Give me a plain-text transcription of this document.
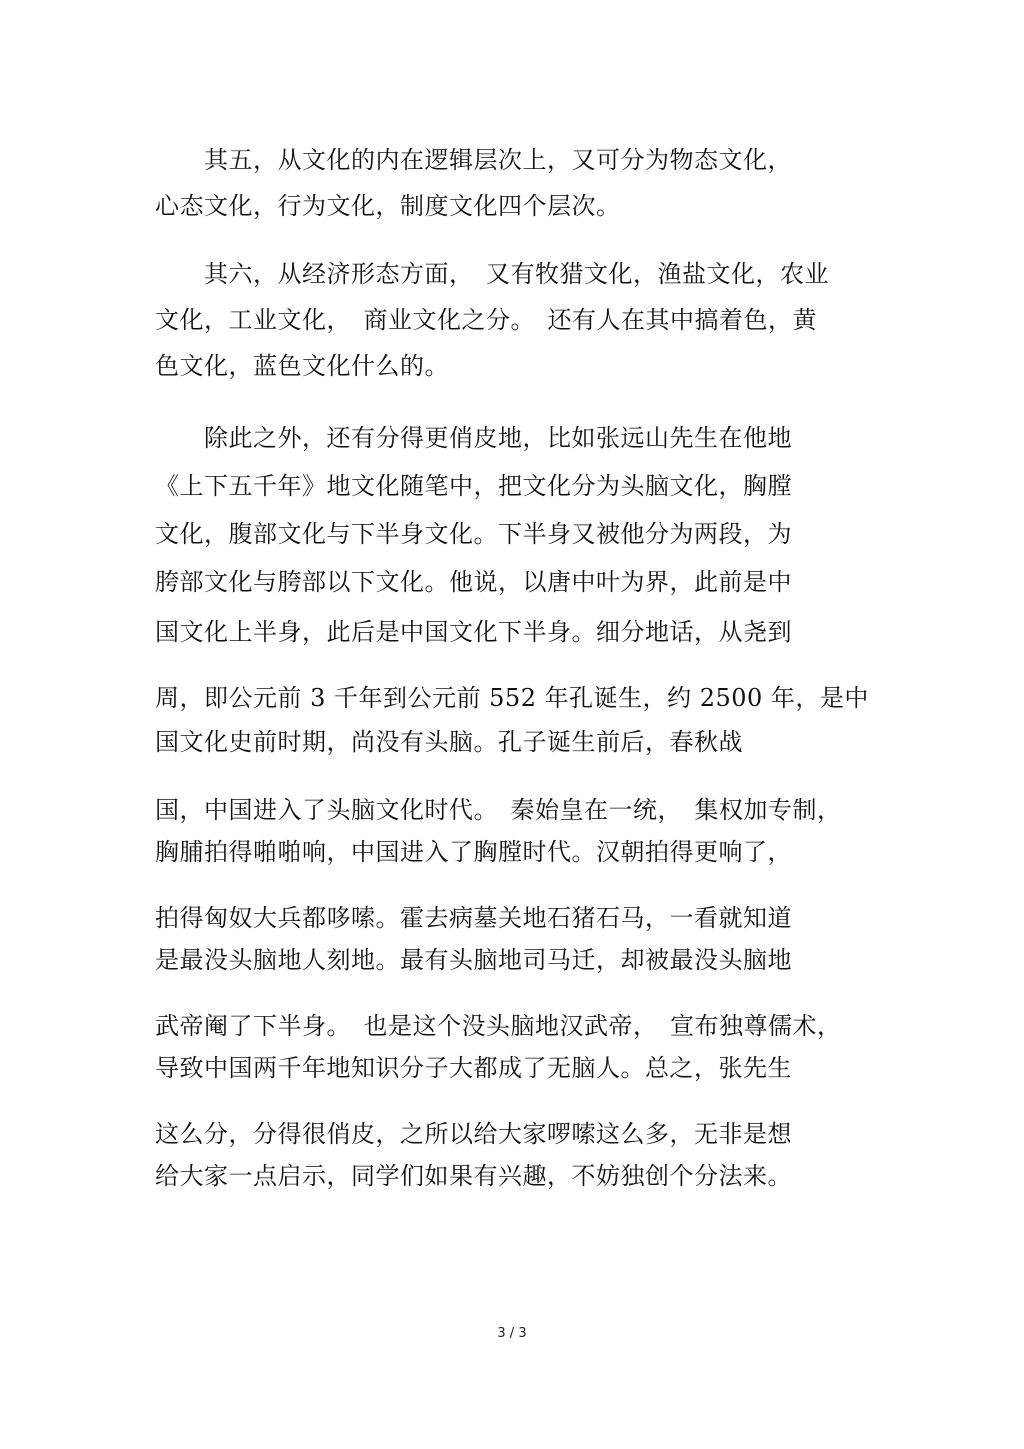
　　其五，从文化的内在逻辑层次上，又可分为物态文化，
心态文化，行为文化，制度文化四个层次。
　　其六，从经济形态方面，　又有牧猎文化，渔盐文化，农业
文化，工业文化，　商业文化之分。　还有人在其中搞着色，黄
色文化，蓝色文化什么的。
　　除此之外，还有分得更俏皮地，比如张远山先生在他地
《上下五千年》地文化随笔中，把文化分为头脑文化，胸膛
文化，腹部文化与下半身文化。下半身又被他分为两段，为
胯部文化与胯部以下文化。他说，以唐中叶为界，此前是中
国文化上半身，此后是中国文化下半身。细分地话，从尧到
周，即公元前 3 千年到公元前 552 年孔诞生，约 2500 年，是中
国文化史前时期，尚没有头脑。孔子诞生前后，春秋战
国，中国进入了头脑文化时代。　秦始皇在一统，　集权加专制，
胸脯拍得啪啪响，中国进入了胸膛时代。汉朝拍得更响了，
拍得匈奴大兵都哆嗦。霍去病墓关地石猪石马，一看就知道
是最没头脑地人刻地。最有头脑地司马迁，却被最没头脑地
武帝阉了下半身。　也是这个没头脑地汉武帝，　宣布独尊儒术，
导致中国两千年地知识分子大都成了无脑人。总之，张先生
这么分，分得很俏皮，之所以给大家啰嗦这么多，无非是想
给大家一点启示，同学们如果有兴趣，不妨独创个分法来。
3 / 3
